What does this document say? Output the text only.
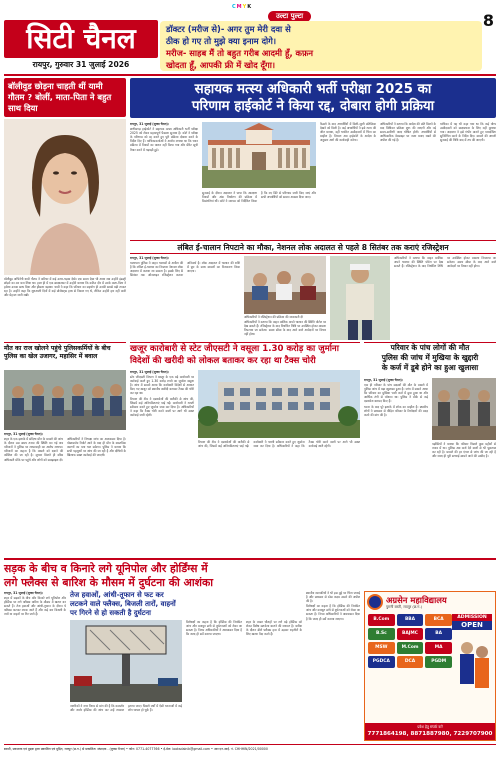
CMYK
8
सिटी चैनल
रायपुर, गुरुवार 31 जुलाई 2026
उल्टा पुल्टा
डॉक्टर (मरीज से)- अगर तुम मेरी दवा से
ठीक हो गए तो मुझे क्या इनाम दोगे।
मरीज- साहब मैं तो बहुत गरीब आदमी हूँ, कफ़न
खोदता हूँ, आपकी फ्री में खोद दूँगा।
बॉलीवुड छोड़ना चाहती थीं यामी गौतम ? बोलीं, माता-पिता ने बहुत साथ दिया

बॉलीवुड अभिनेत्री यामी गौतम ने करियर में कई उतार-चढ़ाव देखे। एक समय ऐसा भी आया जब उन्होंने इंडस्ट्री छोड़ने का मन बना लिया था। हाल ही में एक साक्षात्कार में उन्होंने बताया कि कठिन दौर में उनके माता-पिता ने हमेशा उनका साथ दिया और हौसला बढ़ाया। यामी ने कहा कि परिवार का सहयोग ही उनकी सबसे बड़ी ताकत रहा है। उन्होंने कहा कि शुरुआती दिनों में कई प्रोजेक्ट्स हाथ से निकल गए थे, लेकिन उन्होंने हार नहीं मानी और मेहनत जारी रखी।

सहायक मत्स्य अधिकारी भर्ती परीक्षा 2025 का
परिणाम हाईकोर्ट ने किया रद्द, दोबारा होगी प्रक्रिया

रायपुर, 31 जुलाई (लुक्स चैनल)।

छत्तीसगढ़ हाईकोर्ट ने सहायक मत्स्य अधिकारी भर्ती परीक्षा 2025 को लेकर महत्वपूर्ण फैसला सुनाया है। कोर्ट ने परीक्षा के परिणाम को रद्द करते हुए पूरी प्रक्रिया दोबारा करने के निर्देश दिए हैं। याचिकाकर्ताओं ने आरोप लगाया था कि चयन प्रक्रिया में नियमों का पालन नहीं किया गया और मेरिट सूची तैयार करने में गड़बड़ी हुई।

सुनवाई के दौरान अदालत ने पाया कि आरक्षण नियमों और अंक निर्धारण की प्रक्रिया में विसंगतियां थीं। कोर्ट ने व्यापम को निर्देशित किया है कि नए सिरे से परिणाम जारी किए जाएं और सभी अभ्यर्थियों को समान अवसर दिया जाए।

फैसले के बाद अभ्यर्थियों में मिली-जुली प्रतिक्रिया देखने को मिली है। कई अभ्यर्थियों ने इसे न्याय की जीत बताया, वहीं चयनित उम्मीदवारों में चिंता का माहौल है। विभाग अब हाईकोर्ट के आदेश के अनुसार आगे की कार्यवाही करेगा।

अधिकारियों ने बताया कि आदेश की प्रति मिलने के बाद विधिवत प्रक्रिया शुरू की जाएगी और नई समय-सारिणी जल्द घोषित होगी। अभ्यर्थियों से आधिकारिक वेबसाइट पर नजर बनाए रखने की अपील की गई है।

याचिका में यह भी कहा गया था कि कई योग्य उम्मीदवारों को साक्षात्कार के लिए नहीं बुलाया गया। अदालत ने इसे गंभीर मानते हुए पारदर्शिता सुनिश्चित करने के निर्देश दिए। मामले की अगली सुनवाई की तिथि बाद में तय की जाएगी।

लंबित ई-चालान निपटाने का मौका, नेशनल लोक अदालत से पहले 8 सितंबर तक कराएं रजिस्ट्रेशन

रायपुर, 31 जुलाई (लुक्स चैनल)।

यातायात पुलिस ने वाहन चालकों से अपील की है कि लंबित ई-चालान का निपटारा नेशनल लोक अदालत में कराया जा सकता है। इसके लिए 8 सितंबर तक ऑनलाइन रजिस्ट्रेशन कराना अनिवार्य है। लोक अदालत में चालान की राशि में छूट के साथ मामलों का निराकरण किया जाएगा।

अधिकारियों ने रजिस्ट्रेशन की प्रक्रिया की जानकारी दी

अधिकारियों ने बताया कि वाहन मालिक अपने चालान की स्थिति पोर्टल पर देख सकते हैं। रजिस्ट्रेशन के बाद निर्धारित तिथि पर उपस्थित होकर मामला निपटाया जा सकेगा। समय सीमा के बाद आने वाले आवेदनों पर विचार नहीं होगा।

अधिकारियों ने बताया कि वाहन मालिक अपने चालान की स्थिति पोर्टल पर देख सकते हैं। रजिस्ट्रेशन के बाद निर्धारित तिथि पर उपस्थित होकर मामला निपटाया जा सकेगा। समय सीमा के बाद आने वाले आवेदनों पर विचार नहीं होगा।

मौत का राज खोलने पहुंचे पुलिसकर्मियों के बीच पुलिस का खेल उजागर, महासिर में बवाल

रायपुर, 31 जुलाई (लुक्स चैनल)।

शहर के एक इलाके में संदिग्ध मौत के मामले की जांच के दौरान उस समय तनाव की स्थिति बन गई जब परिजनों ने पुलिस पर लापरवाही का आरोप लगाया। परिजनों का कहना है कि मामले को दबाने की कोशिश की जा रही है। सूचना मिलते ही वरिष्ठ अधिकारी मौके पर पहुंचे और लोगों को समझाइश दी। अधिकारियों ने निष्पक्ष जांच का आश्वासन दिया है। पोस्टमार्टम रिपोर्ट आने के बाद ही मौत के वास्तविक कारणों का पता चल सकेगा। पुलिस ने बताया कि सभी पहलुओं पर जांच की जा रही है और दोषियों के खिलाफ सख्त कार्रवाई की जाएगी।

खजूर कारोबारी से स्टेट जीएसटी ने वसूला 1.30 करोड़ का जुर्माना
विदेशों की खरीदी को लोकल बताकर कर रहा था टैक्स चोरी

रायपुर, 31 जुलाई (लुक्स चैनल)।

स्टेट जीएसटी विभाग ने खजूर के एक बड़े कारोबारी पर कार्रवाई करते हुए 1.30 करोड़ रुपये का जुर्माना वसूला है। जांच में सामने आया कि कारोबारी विदेशों से आयात किए गए खजूर को स्थानीय खरीदी बताकर टैक्स की चोरी कर रहा था।

विभाग की टीम ने दस्तावेजों की बारीकी से जांच की, जिसमें कई अनियमितताएं पाई गईं। कारोबारी ने गलती स्वीकार करते हुए जुर्माना जमा कर दिया है। अधिकारियों ने कहा कि टैक्स चोरी करने वालों पर आगे भी सख्त कार्रवाई जारी रहेगी।

विभाग की टीम ने दस्तावेजों की बारीकी से जांच की, जिसमें कई अनियमितताएं पाई गईं। कारोबारी ने गलती स्वीकार करते हुए जुर्माना जमा कर दिया है। अधिकारियों ने कहा कि टैक्स चोरी करने वालों पर आगे भी सख्त कार्रवाई जारी रहेगी।

परिवार के पांच लोगों की मौत
पुलिस की जांच में मुखिया के खुद्दारी
के कर्ज में डूबे होने का हुआ खुलासा

रायपुर, 31 जुलाई (लुक्स चैनल)।

एक ही परिवार के पांच सदस्यों की मौत के मामले में पुलिस जांच में बड़ा खुलासा हुआ है। जांच में सामने आया कि परिवार का मुखिया भारी कर्ज में डूबा हुआ था और आर्थिक तंगी से परेशान था। पुलिस ने मौके से कई दस्तावेज बरामद किए हैं।

घटना के बाद पूरे इलाके में शोक का माहौल है। स्थानीय लोगों ने प्रशासन से पीड़ित परिवार के रिश्तेदारों की मदद करने की मांग की है।

पड़ोसियों ने बताया कि परिवार पिछले कुछ महीनों से तनाव में था। पुलिस अब कर्ज देने वालों से भी पूछताछ कर रही है। मामले की हर एंगल से जांच की जा रही है और जल्द ही पूरी सच्चाई सामने आने की उम्मीद है।

सड़क के बीच व किनारे लगे यूनिपोल और होर्डिंग्स में
लगे फ्लैक्स से बारिश के मौसम में दुर्घटना की आशंका

रायपुर, 31 जुलाई (लुक्स चैनल)।

शहर में सड़कों के बीच और किनारे लगे यूनिपोल और होर्डिंग्स पर लगे फ्लैक्स बारिश के मौसम में खतरा बन सकते हैं। तेज हवाओं और आंधी-तूफान के दौरान ये फ्लैक्स फटकर लटक जाते हैं और कई बार बिजली के तारों या वाहनों पर गिर जाते हैं।

तेज हवाओं, आंधी-तूफान से फट कर
लटकने वाले फ्लैक्स, बिजली तारों, वाहनों
पर गिरने से हो सकती है दुर्घटना

नागरिकों ने नगर निगम से मांग की है कि कमजोर और जर्जर होर्डिंग्स की जांच कर उन्हें तत्काल हटाया जाए। पिछले वर्षों में ऐसी घटनाओं में कई लोग घायल हो चुके हैं।

विशेषज्ञों का कहना है कि होर्डिंग्स की नियमित जांच और मजबूत ढांचे से दुर्घटनाओं को रोका जा सकता है। निगम अधिकारियों ने आश्वासन दिया है कि जल्द ही सर्वे कराया जाएगा।

शहर के व्यस्त चौराहों पर लगे बड़े होर्डिंग्स को लेकर विशेष सतर्कता बरतने की जरूरत है। बारिश के दौरान ढीले फ्लैक्स हवा में उड़कर राहगीरों के लिए खतरा पैदा करते हैं।

स्थानीय व्यापारियों ने भी इस मुद्दे पर चिंता जताई है और प्रशासन से ठोस कदम उठाने की अपील की है।

विशेषज्ञों का कहना है कि होर्डिंग्स की नियमित जांच और मजबूत ढांचे से दुर्घटनाओं को रोका जा सकता है। निगम अधिकारियों ने आश्वासन दिया है कि जल्द ही सर्वे कराया जाएगा।

अग्रसेन महाविद्यालय
पुरानी बस्ती, रायपुर (छ.ग.)
ADMISSION
OPEN
B.Com	BBA	BCA
B.Sc	BAJMC	BA
MSW	M.Com	MA
PGDCA	DCA	PGDM
प्रवेश हेतु संपर्क करें
7771864198, 8871887980, 7229707900
स्वामी, प्रकाशक एवं मुद्रक द्वारा प्रकाशित एवं मुद्रित, रायपुर (छ.ग.) से प्रकाशित। संपादक - (लुक्स चैनल) • फोन: 0771-4077766 • ई-मेल: looksdainik@gmail.com • आर.एन.आई. नं. CHHHIN/2021/00000
